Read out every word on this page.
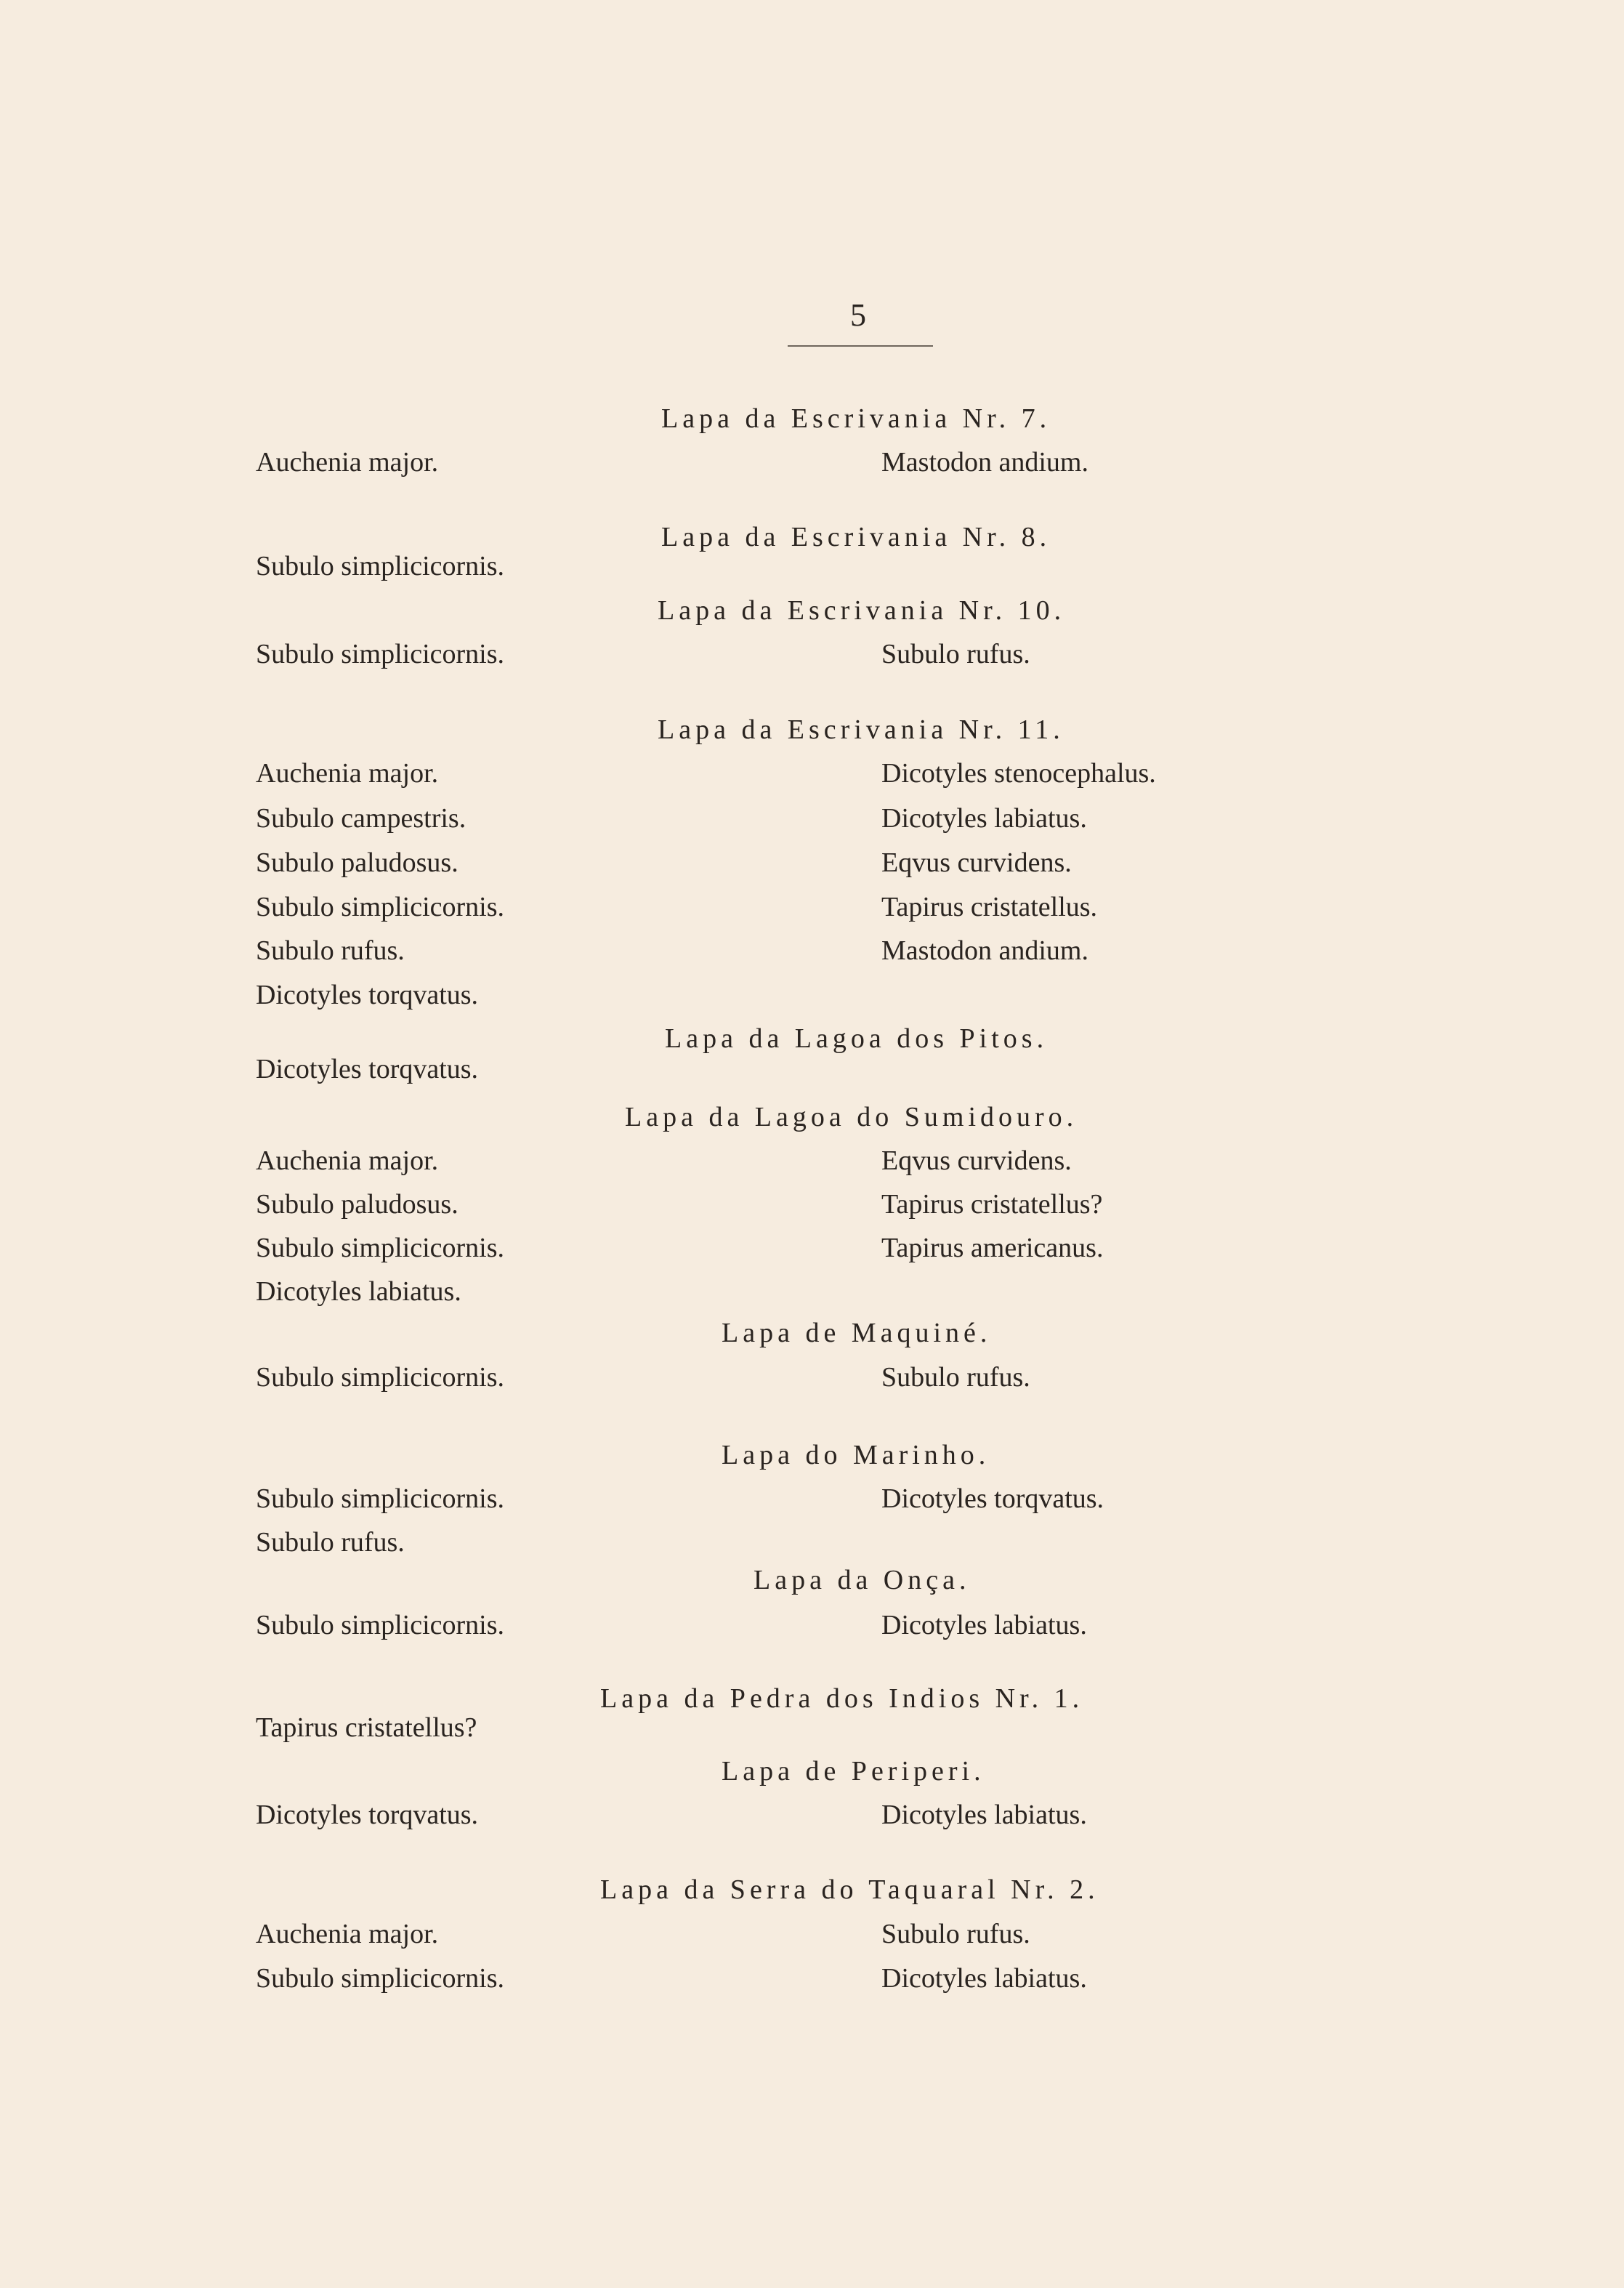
5
Auchenia major.
Subulo simplicicornis.
Subulo simplicicornis.
Auchenia major.
Subulo campestris.
Subulo paludosus.
Subulo simplicicornis.
Subulo rufus.
Dicotyles torqvatus.
Dicotyles torqvatus.
Auchenia major.
Subulo paludosus.
Subulo simplicicornis.
Dicotyles labiatus.
Subulo simplicicornis.
Subulo simplicicornis.
Subulo rufus.
Subulo simplicicornis.
Tapirus cristatellus?
Dicotyles torqvatus.
Auchenia major.
Subulo simplicicornis.
Lapa da Escrivania Nr. 7.
Mastodon andium.
Lapa da Escrivania Nr. 8.
Lapa da Escrivania Nr. 10.
Subulo rufus.
Lapa da Escrivania Nr. 11.
Dicotyles stenocephalus.
Dicotyles labiatus.
Eqvus curvidens.
Tapirus cristatellus.
Mastodon andium.
Lapa da Lagoa dos Pitos.
Lapa da Lagoa do Sumidouro.
Eqvus curvidens.
Tapirus cristatellus?
Tapirus americanus.
Lapa de Maquiné.
Subulo rufus.
Lapa do Marinho.
Dicotyles torqvatus.
Lapa da Onça.
Dicotyles labiatus.
Lapa da Pedra dos Indios Nr. 1.
Lapa de Periperi.
Dicotyles labiatus.
Lapa da Serra do Taquaral Nr. 2.
Subulo rufus.
Dicotyles labiatus.
